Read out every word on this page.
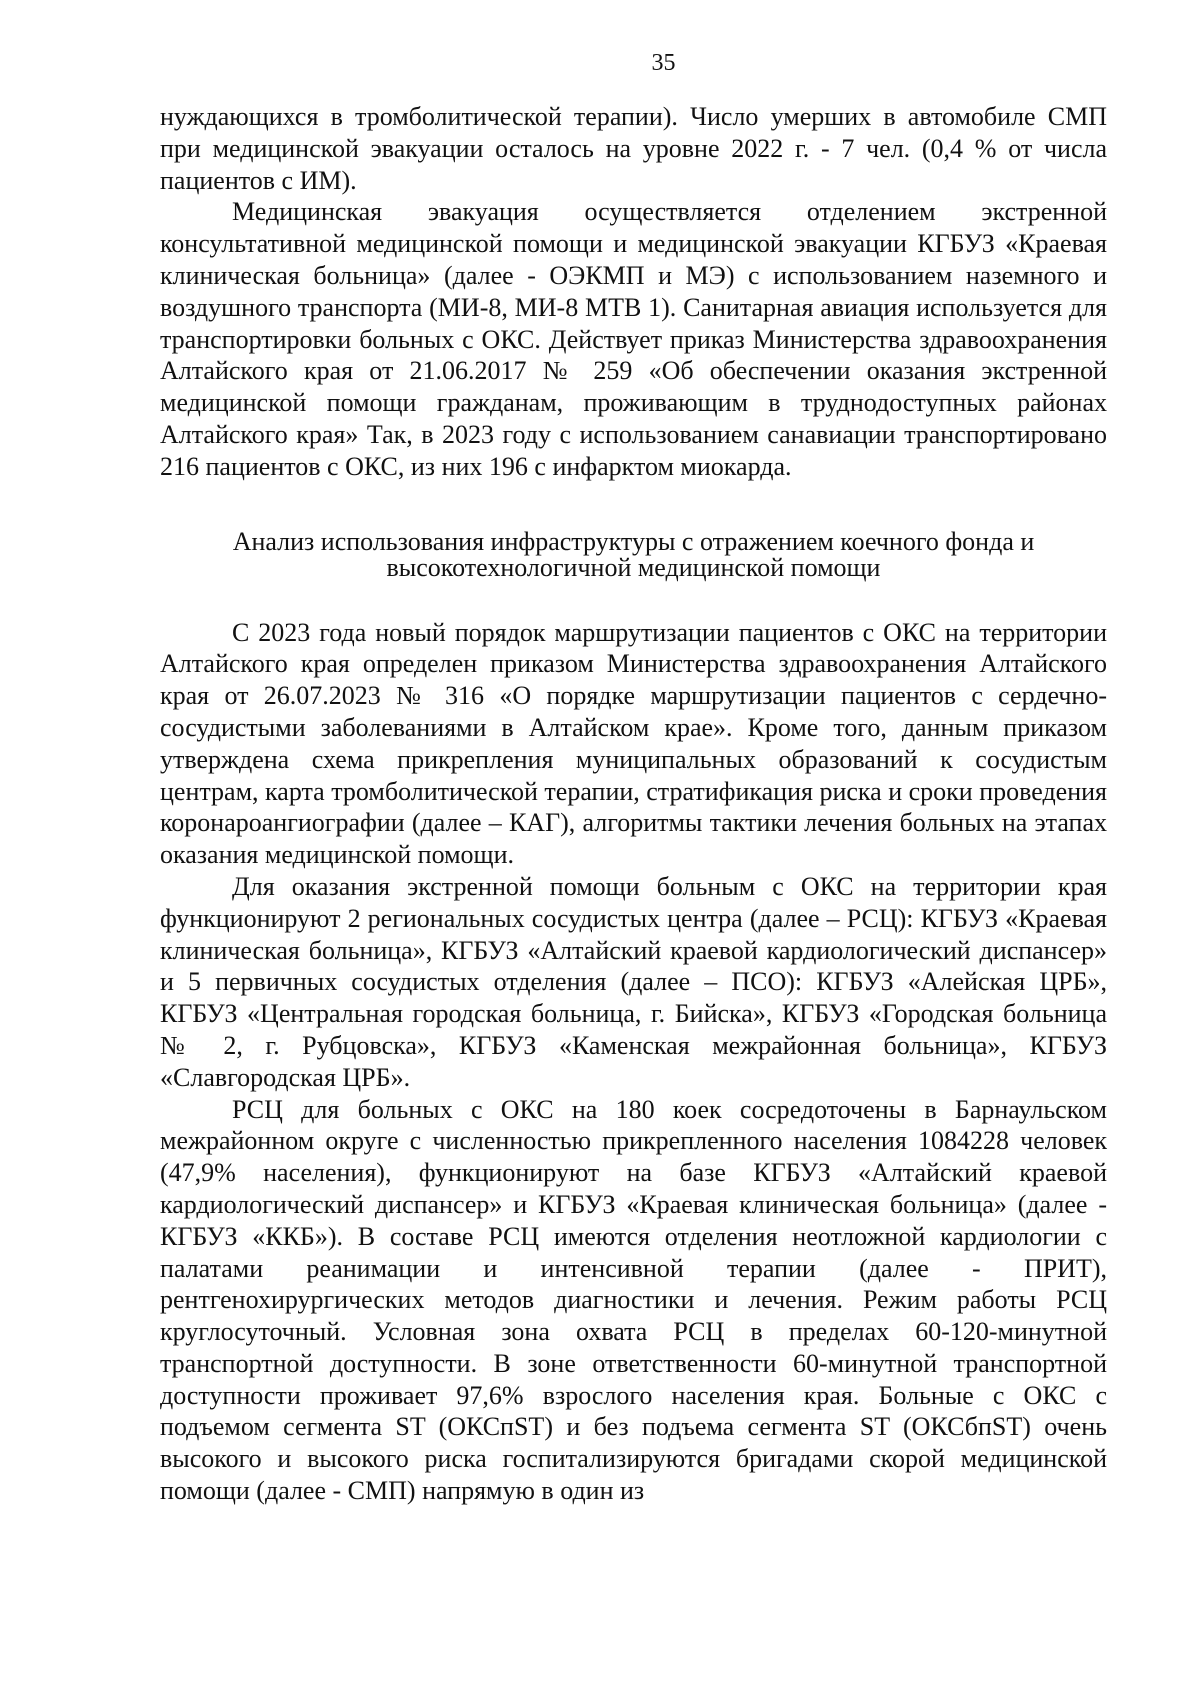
35

нуждающихся в тромболитической терапии). Число умерших в автомобиле СМП при медицинской эвакуации осталось на уровне 2022 г. - 7 чел. (0,4 % от числа пациентов с ИМ).

Медицинская эвакуация осуществляется отделением экстренной консультативной медицинской помощи и медицинской эвакуации КГБУЗ «Краевая клиническая больница» (далее - ОЭКМП и МЭ) с использованием наземного и воздушного транспорта (МИ-8, МИ-8 МТВ 1). Санитарная авиация используется для транспортировки больных с ОКС. Действует приказ Министерства здравоохранения Алтайского края от 21.06.2017 № 259 «Об обеспечении оказания экстренной медицинской помощи гражданам, проживающим в труднодоступных районах Алтайского края» Так, в 2023 году с использованием санавиации транспортировано 216 пациентов с ОКС, из них 196 с инфарктом миокарда.

Анализ использования инфраструктуры с отражением коечного фонда и
высокотехнологичной медицинской помощи

С 2023 года новый порядок маршрутизации пациентов с ОКС на территории Алтайского края определен приказом Министерства здравоохранения Алтайского края от 26.07.2023 № 316 «О порядке маршрутизации пациентов с сердечно-сосудистыми заболеваниями в Алтайском крае». Кроме того, данным приказом утверждена схема прикрепления муниципальных образований к сосудистым центрам, карта тромболитической терапии, стратификация риска и сроки проведения коронароангиографии (далее – КАГ), алгоритмы тактики лечения больных на этапах оказания медицинской помощи.

Для оказания экстренной помощи больным с ОКС на территории края функционируют 2 региональных сосудистых центра (далее – РСЦ): КГБУЗ «Краевая клиническая больница», КГБУЗ «Алтайский краевой кардиологический диспансер» и 5 первичных сосудистых отделения (далее – ПСО): КГБУЗ «Алейская ЦРБ», КГБУЗ «Центральная городская больница, г. Бийска», КГБУЗ «Городская больница № 2, г. Рубцовска», КГБУЗ «Каменская межрайонная больница», КГБУЗ «Славгородская ЦРБ».

РСЦ для больных с ОКС на 180 коек сосредоточены в Барнаульском межрайонном округе с численностью прикрепленного населения 1084228 человек (47,9% населения), функционируют на базе КГБУЗ «Алтайский краевой кардиологический диспансер» и КГБУЗ «Краевая клиническая больница» (далее - КГБУЗ «ККБ»). В составе РСЦ имеются отделения неотложной кардиологии с палатами реанимации и интенсивной терапии (далее - ПРИТ), рентгенохирургических методов диагностики и лечения. Режим работы РСЦ круглосуточный. Условная зона охвата РСЦ в пределах 60-120-минутной транспортной доступности. В зоне ответственности 60-минутной транспортной доступности проживает 97,6% взрослого населения края. Больные с ОКС с подъемом сегмента ST (ОКСпST) и без подъема сегмента ST (ОКСбпST) очень высокого и высокого риска госпитализируются бригадами скорой медицинской помощи (далее - СМП) напрямую в один из
